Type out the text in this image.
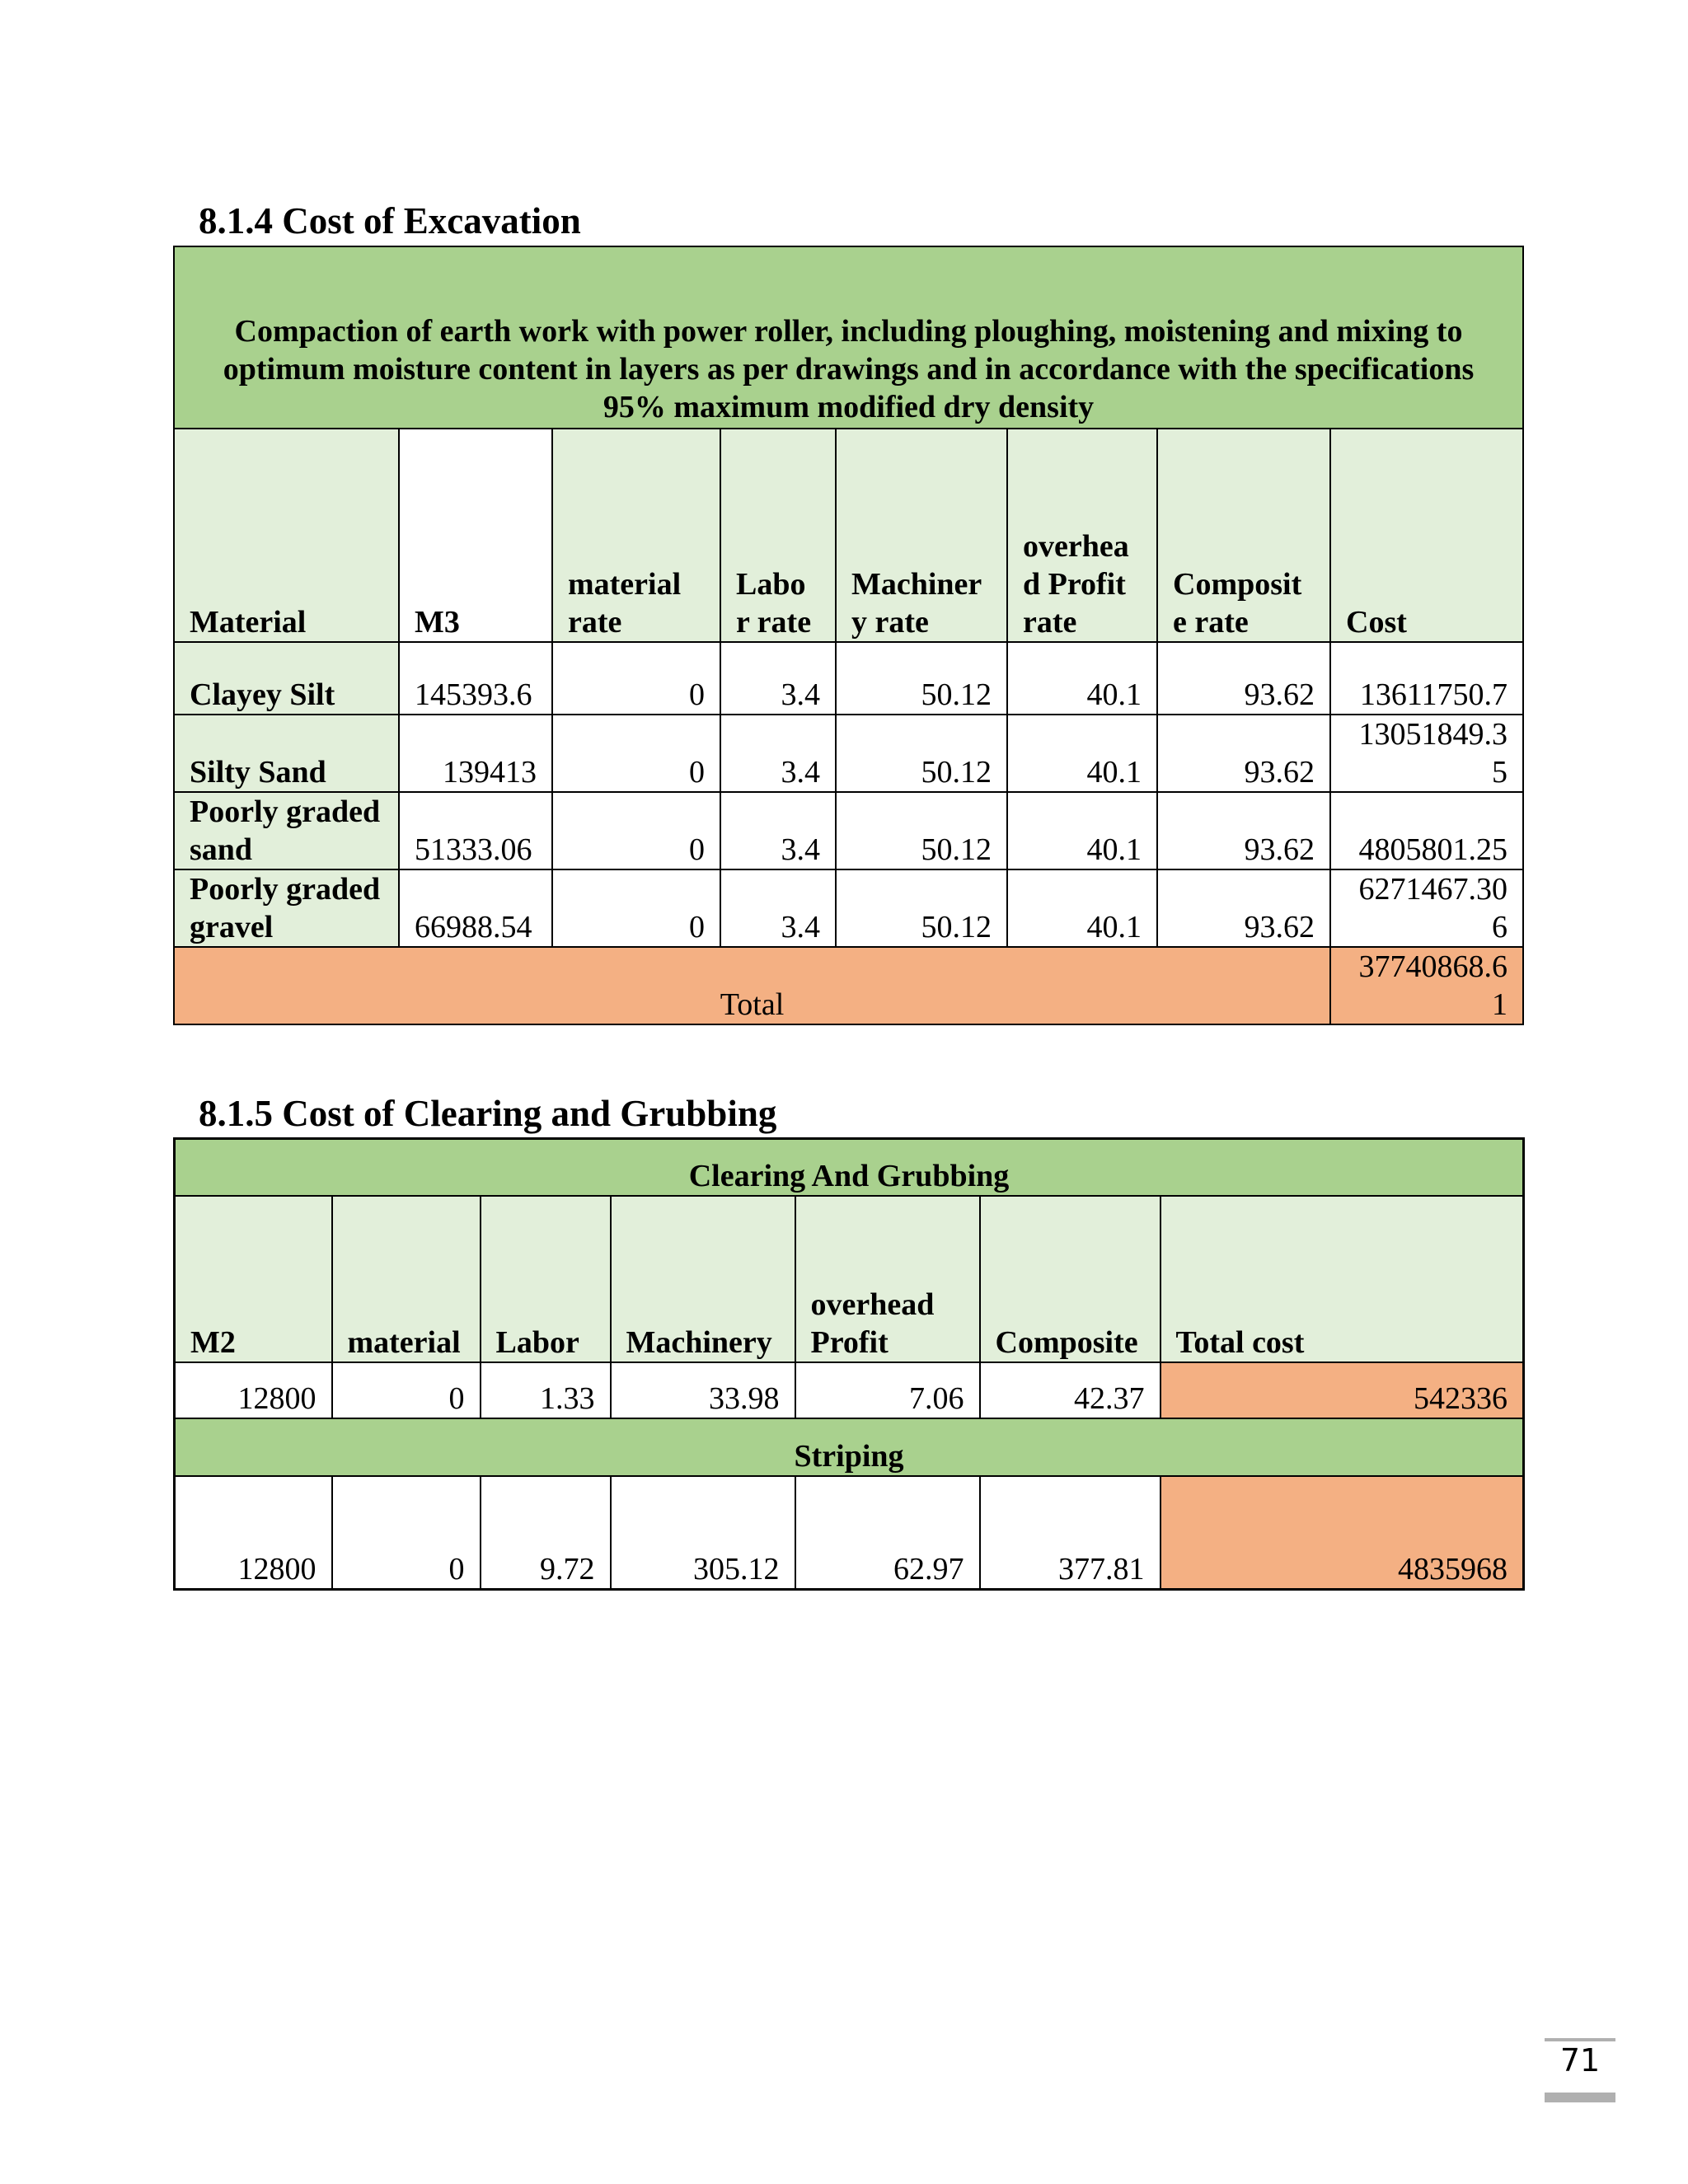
8.1.4 Cost of Excavation
Compaction of earth work with power roller, including ploughing, moistening and mixing to optimum moisture content in layers as per drawings and in accordance with the specifications 95% maximum modified dry density							
Material	M3	material rate	Labo r rate	Machiner y rate	overhea d Profit rate	Composit e rate	Cost
Clayey Silt	145393.6	0	3.4	50.12	40.1	93.62	13611750.7
Silty Sand	139413	0	3.4	50.12	40.1	93.62	13051849.3 5
Poorly graded sand	51333.06	0	3.4	50.12	40.1	93.62	4805801.25
Poorly graded gravel	66988.54	0	3.4	50.12	40.1	93.62	6271467.30 6
Total							37740868.6 1
8.1.5 Cost of Clearing and Grubbing
Clearing And Grubbing						
M2	material	Labor	Machinery	overhead Profit	Composite	Total cost
12800	0	1.33	33.98	7.06	42.37	542336
Striping						
12800	0	9.72	305.12	62.97	377.81	4835968
71
